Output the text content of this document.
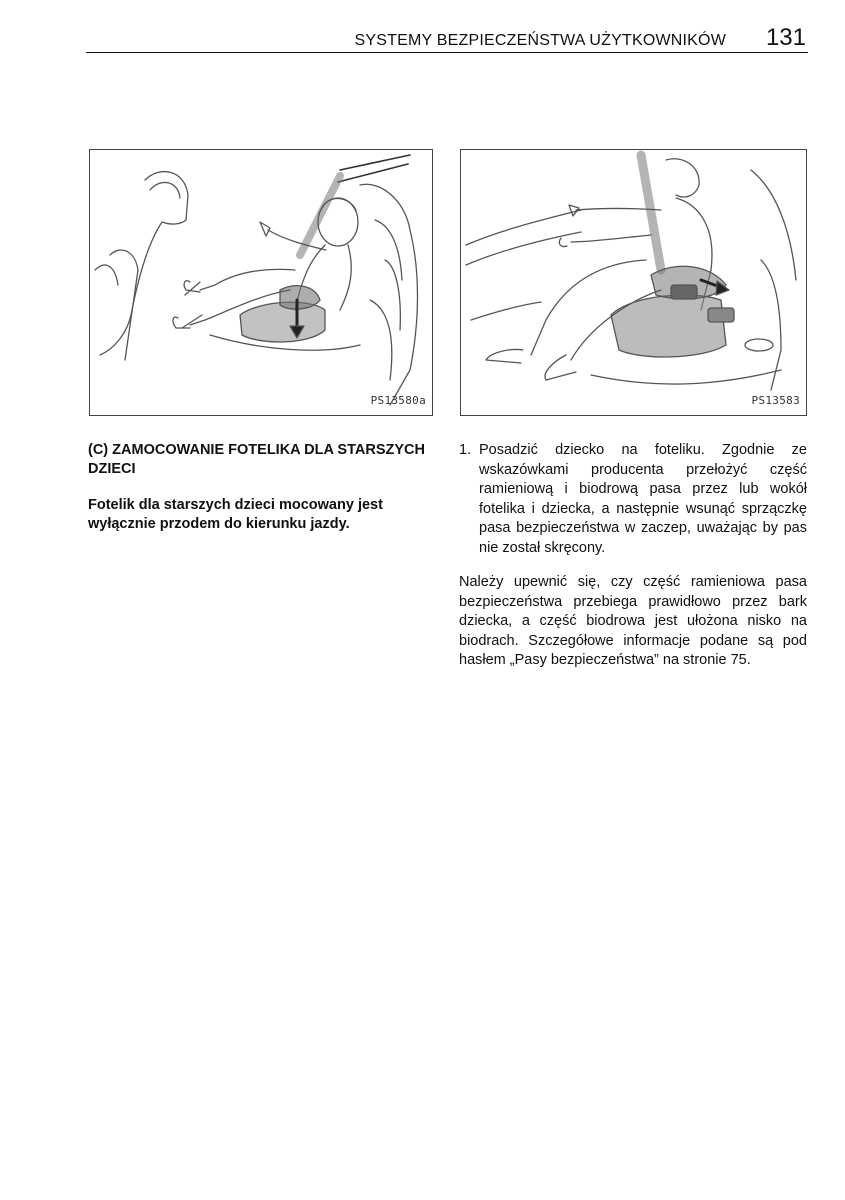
SYSTEMY BEZPIECZEŃSTWA UŻYTKOWNIKÓW 131
PS13580a	PS13583

(C) ZAMOCOWANIE FOTELIKA DLA STARSZYCH DZIECI

Fotelik dla starszych dzieci mocowany jest wyłącznie przodem do kierunku jazdy.

1. Posadzić dziecko na foteliku. Zgodnie ze wskazówkami producenta przełożyć część ramieniową i biodrową pasa przez lub wokół fotelika i dziecka, a następnie wsunąć sprzączkę pasa bezpieczeństwa w zaczep, uważając by pas nie został skręcony.
Należy upewnić się, czy część ramieniowa pasa bezpieczeństwa przebiega prawidłowo przez bark dziecka, a część biodrowa jest ułożona nisko na biodrach. Szczegółowe informacje podane są pod hasłem „Pasy bezpieczeństwa” na stronie 75.
